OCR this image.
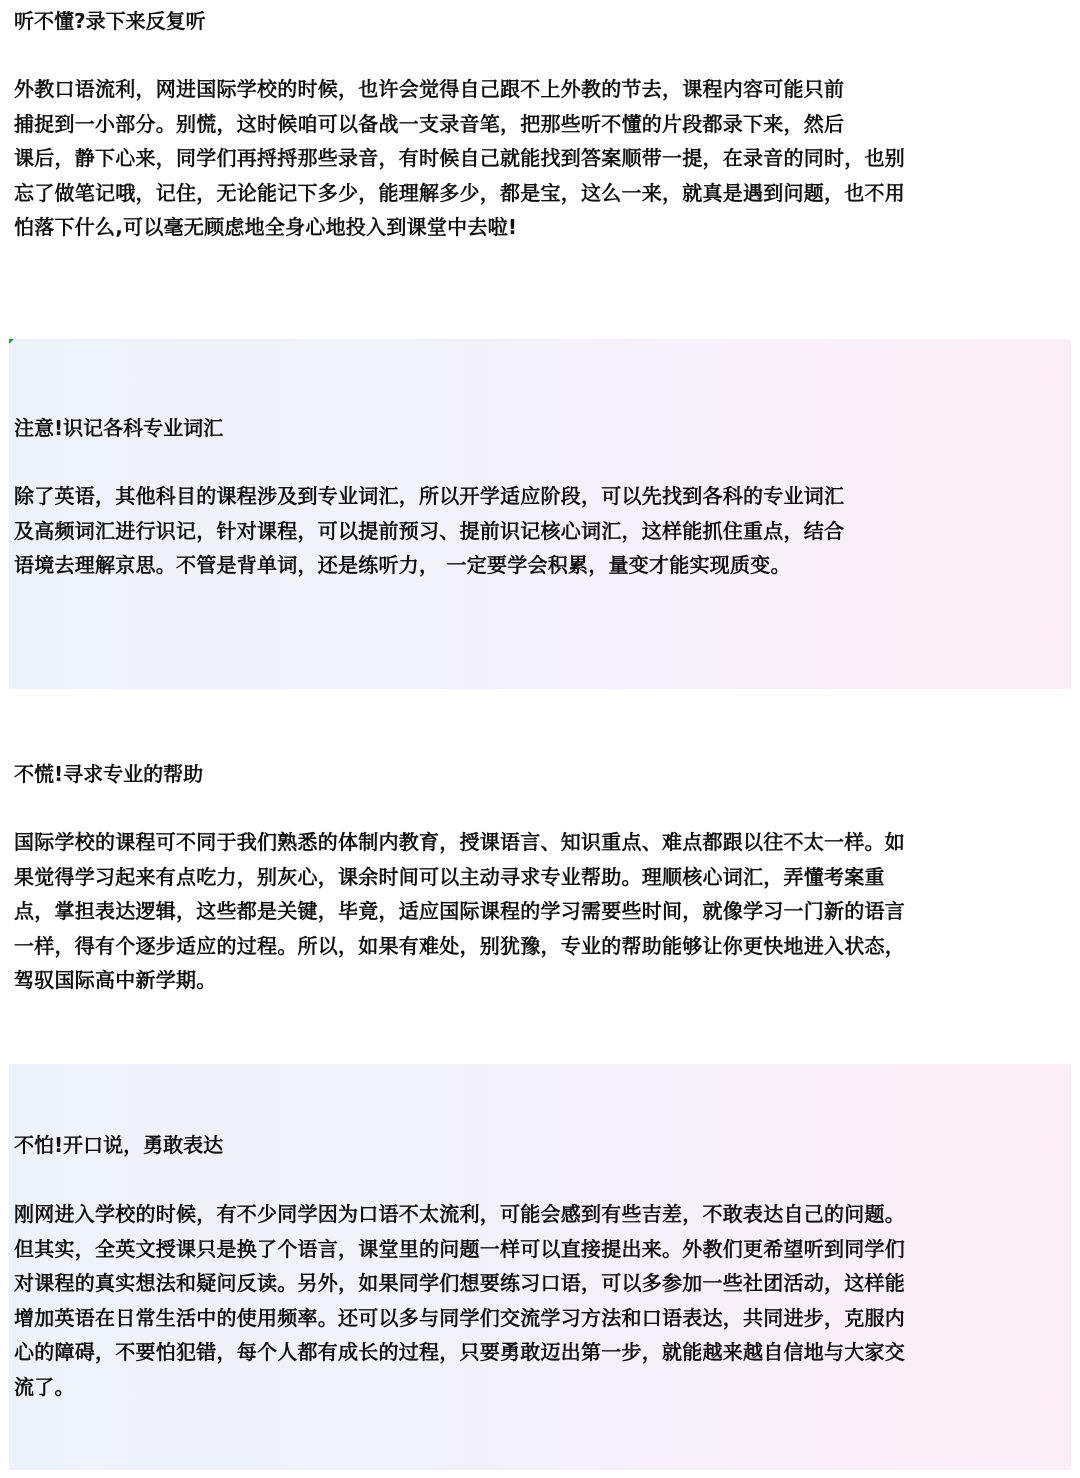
听不懂?录下来反复听
外教口语流利，网进国际学校的时候，也许会觉得自己跟不上外教的节去，课程内容可能只前
捕捉到一小部分。别慌，这时候咱可以备战一支录音笔，把那些听不懂的片段都录下来，然后
课后，静下心来，同学们再捋捋那些录音，有时候自己就能找到答案顺带一提，在录音的同时，也别
忘了做笔记哦，记住，无论能记下多少，能理解多少，都是宝，这么一来，就真是遇到问题，也不用
怕落下什么,可以毫无顾虑地全身心地投入到课堂中去啦!
注意!识记各科专业词汇
除了英语，其他科目的课程涉及到专业词汇，所以开学适应阶段，可以先找到各科的专业词汇
及高频词汇进行识记，针对课程，可以提前预习、提前识记核心词汇，这样能抓住重点，结合
语境去理解京思。不管是背单词，还是练听力， 一定要学会积累，量变才能实现质变。
不慌!寻求专业的帮助
国际学校的课程可不同于我们熟悉的体制内教育，授课语言、知识重点、难点都跟以往不太一样。如
果觉得学习起来有点吃力，别灰心，课余时间可以主动寻求专业帮助。理顺核心词汇，弄懂考案重
点，掌担表达逻辑，这些都是关键，毕竟，适应国际课程的学习需要些时间，就像学习一门新的语言
一样，得有个逐步适应的过程。所以，如果有难处，别犹豫，专业的帮助能够让你更快地进入状态，
驾驭国际高中新学期。
不怕!开口说，勇敢表达
刚网进入学校的时候，有不少同学因为口语不太流利，可能会感到有些吉差，不敢表达自己的问题。
但其实，全英文授课只是换了个语言，课堂里的问题一样可以直接提出来。外教们更希望听到同学们
对课程的真实想法和疑问反读。另外，如果同学们想要练习口语，可以多参加一些社团活动，这样能
增加英语在日常生活中的使用频率。还可以多与同学们交流学习方法和口语表达，共同进步，克服内
心的障碍，不要怕犯错，每个人都有成长的过程，只要勇敢迈出第一步，就能越来越自信地与大家交
流了。
